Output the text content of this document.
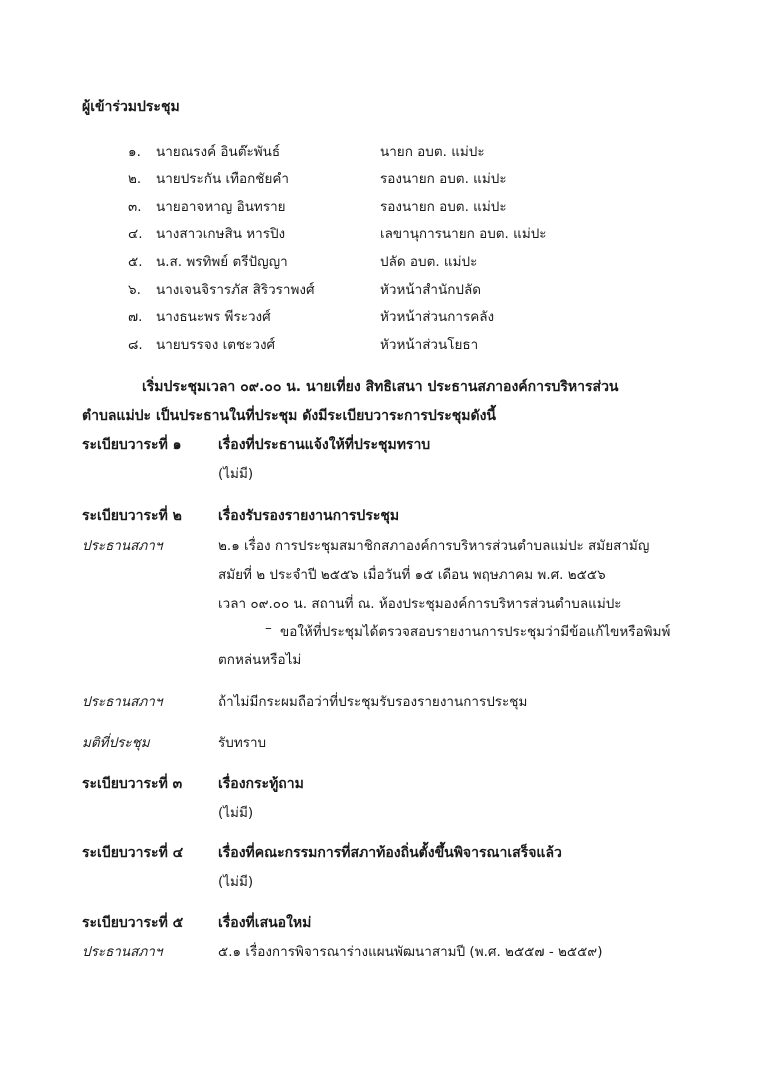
ผู้เข้าร่วมประชุม
๑. นายณรงค์ อินต๊ะพันธ์	นายก อบต. แม่ปะ
๒. นายประกัน เทือกชัยคำ	รองนายก อบต. แม่ปะ
๓. นายอาจหาญ อินทราย	รองนายก อบต. แม่ปะ
๔. นางสาวเกษสิน หารปิง	เลขานุการนายก อบต. แม่ปะ
๕. น.ส. พรทิพย์ ตรีปัญญา	ปลัด อบต. แม่ปะ
๖. นางเจนจิรารภัส สิริวราพงศ์	หัวหน้าสำนักปลัด
๗. นางธนะพร พีระวงศ์	หัวหน้าส่วนการคลัง
๘. นายบรรจง เตชะวงศ์	หัวหน้าส่วนโยธา
เริ่มประชุมเวลา ๐๙.๐๐ น. นายเที่ยง สิทธิเสนา ประธานสภาองค์การบริหารส่วน
ตำบลแม่ปะ เป็นประธานในที่ประชุม ดังมีระเบียบวาระการประชุมดังนี้
ระเบียบวาระที่ ๑	เรื่องที่ประธานแจ้งให้ที่ประชุมทราบ
(ไม่มี)
ระเบียบวาระที่ ๒	เรื่องรับรองรายงานการประชุม
ประธานสภาฯ	๒.๑ เรื่อง การประชุมสมาชิกสภาองค์การบริหารส่วนตำบลแม่ปะ สมัยสามัญ
สมัยที่ ๒ ประจำปี ๒๕๕๖ เมื่อวันที่ ๑๕ เดือน พฤษภาคม พ.ศ. ๒๕๕๖
เวลา ๐๙.๐๐ น. สถานที่ ณ. ห้องประชุมองค์การบริหารส่วนตำบลแม่ปะ
– ขอให้ที่ประชุมได้ตรวจสอบรายงานการประชุมว่ามีข้อแก้ไขหรือพิมพ์
ตกหล่นหรือไม่
ประธานสภาฯ	ถ้าไม่มีกระผมถือว่าที่ประชุมรับรองรายงานการประชุม
มติที่ประชุม	รับทราบ
ระเบียบวาระที่ ๓	เรื่องกระทู้ถาม
(ไม่มี)
ระเบียบวาระที่ ๔ เรื่องที่คณะกรรมการที่สภาท้องถิ่นตั้งขึ้นพิจารณาเสร็จแล้ว
(ไม่มี)
ระเบียบวาระที่ ๕ เรื่องที่เสนอใหม่
ประธานสภาฯ	๕.๑ เรื่องการพิจารณาร่างแผนพัฒนาสามปี (พ.ศ. ๒๕๕๗ - ๒๕๕๙)
